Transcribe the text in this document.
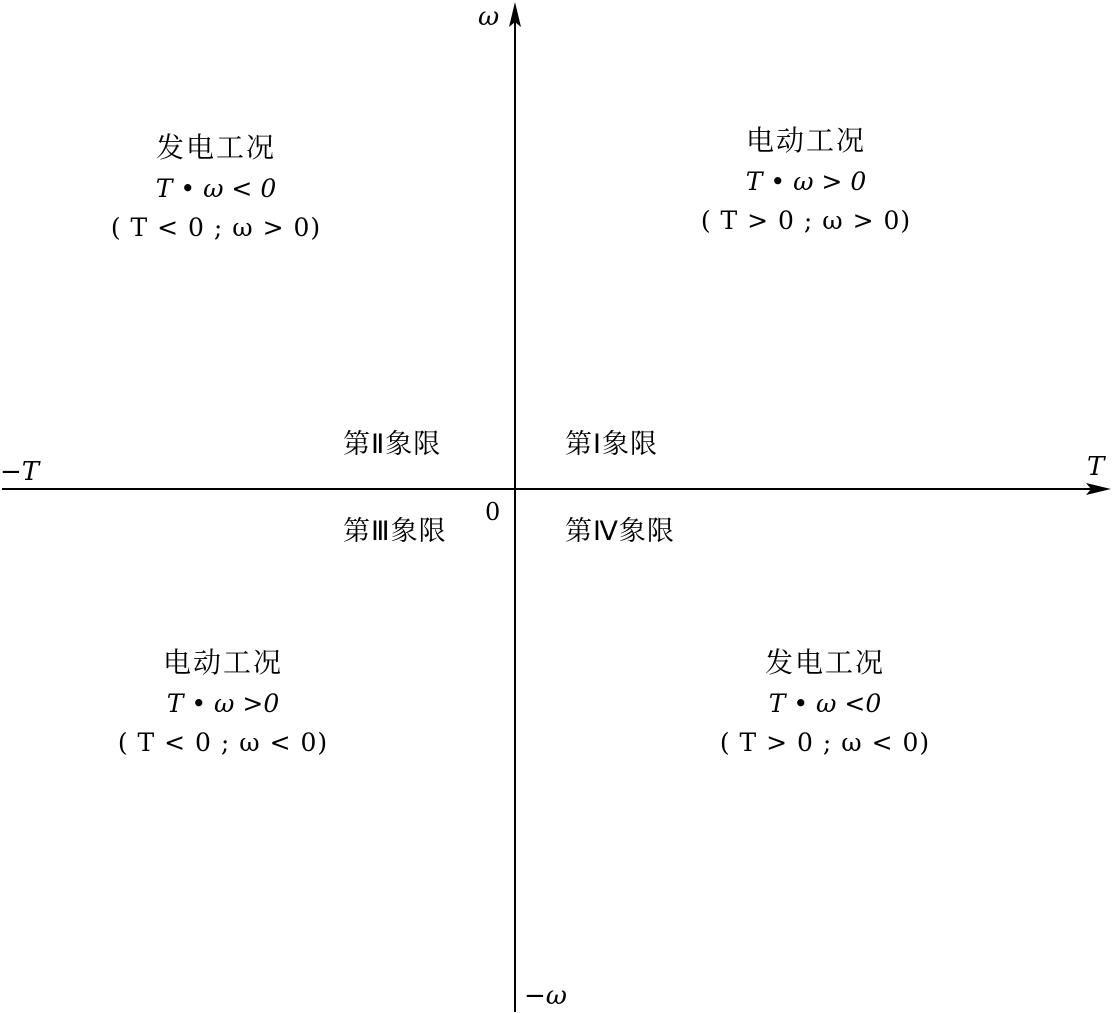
ω
−ω
T
−T
0
第Ⅱ象限	第Ⅰ象限
第Ⅲ象限	第Ⅳ象限
发电工况
T • ω < 0
( T < 0 ; ω > 0)
电动工况
T • ω > 0
( T > 0 ; ω > 0)
电动工况
T • ω >0
( T < 0 ; ω < 0)
发电工况
T • ω <0
( T > 0 ; ω < 0)
